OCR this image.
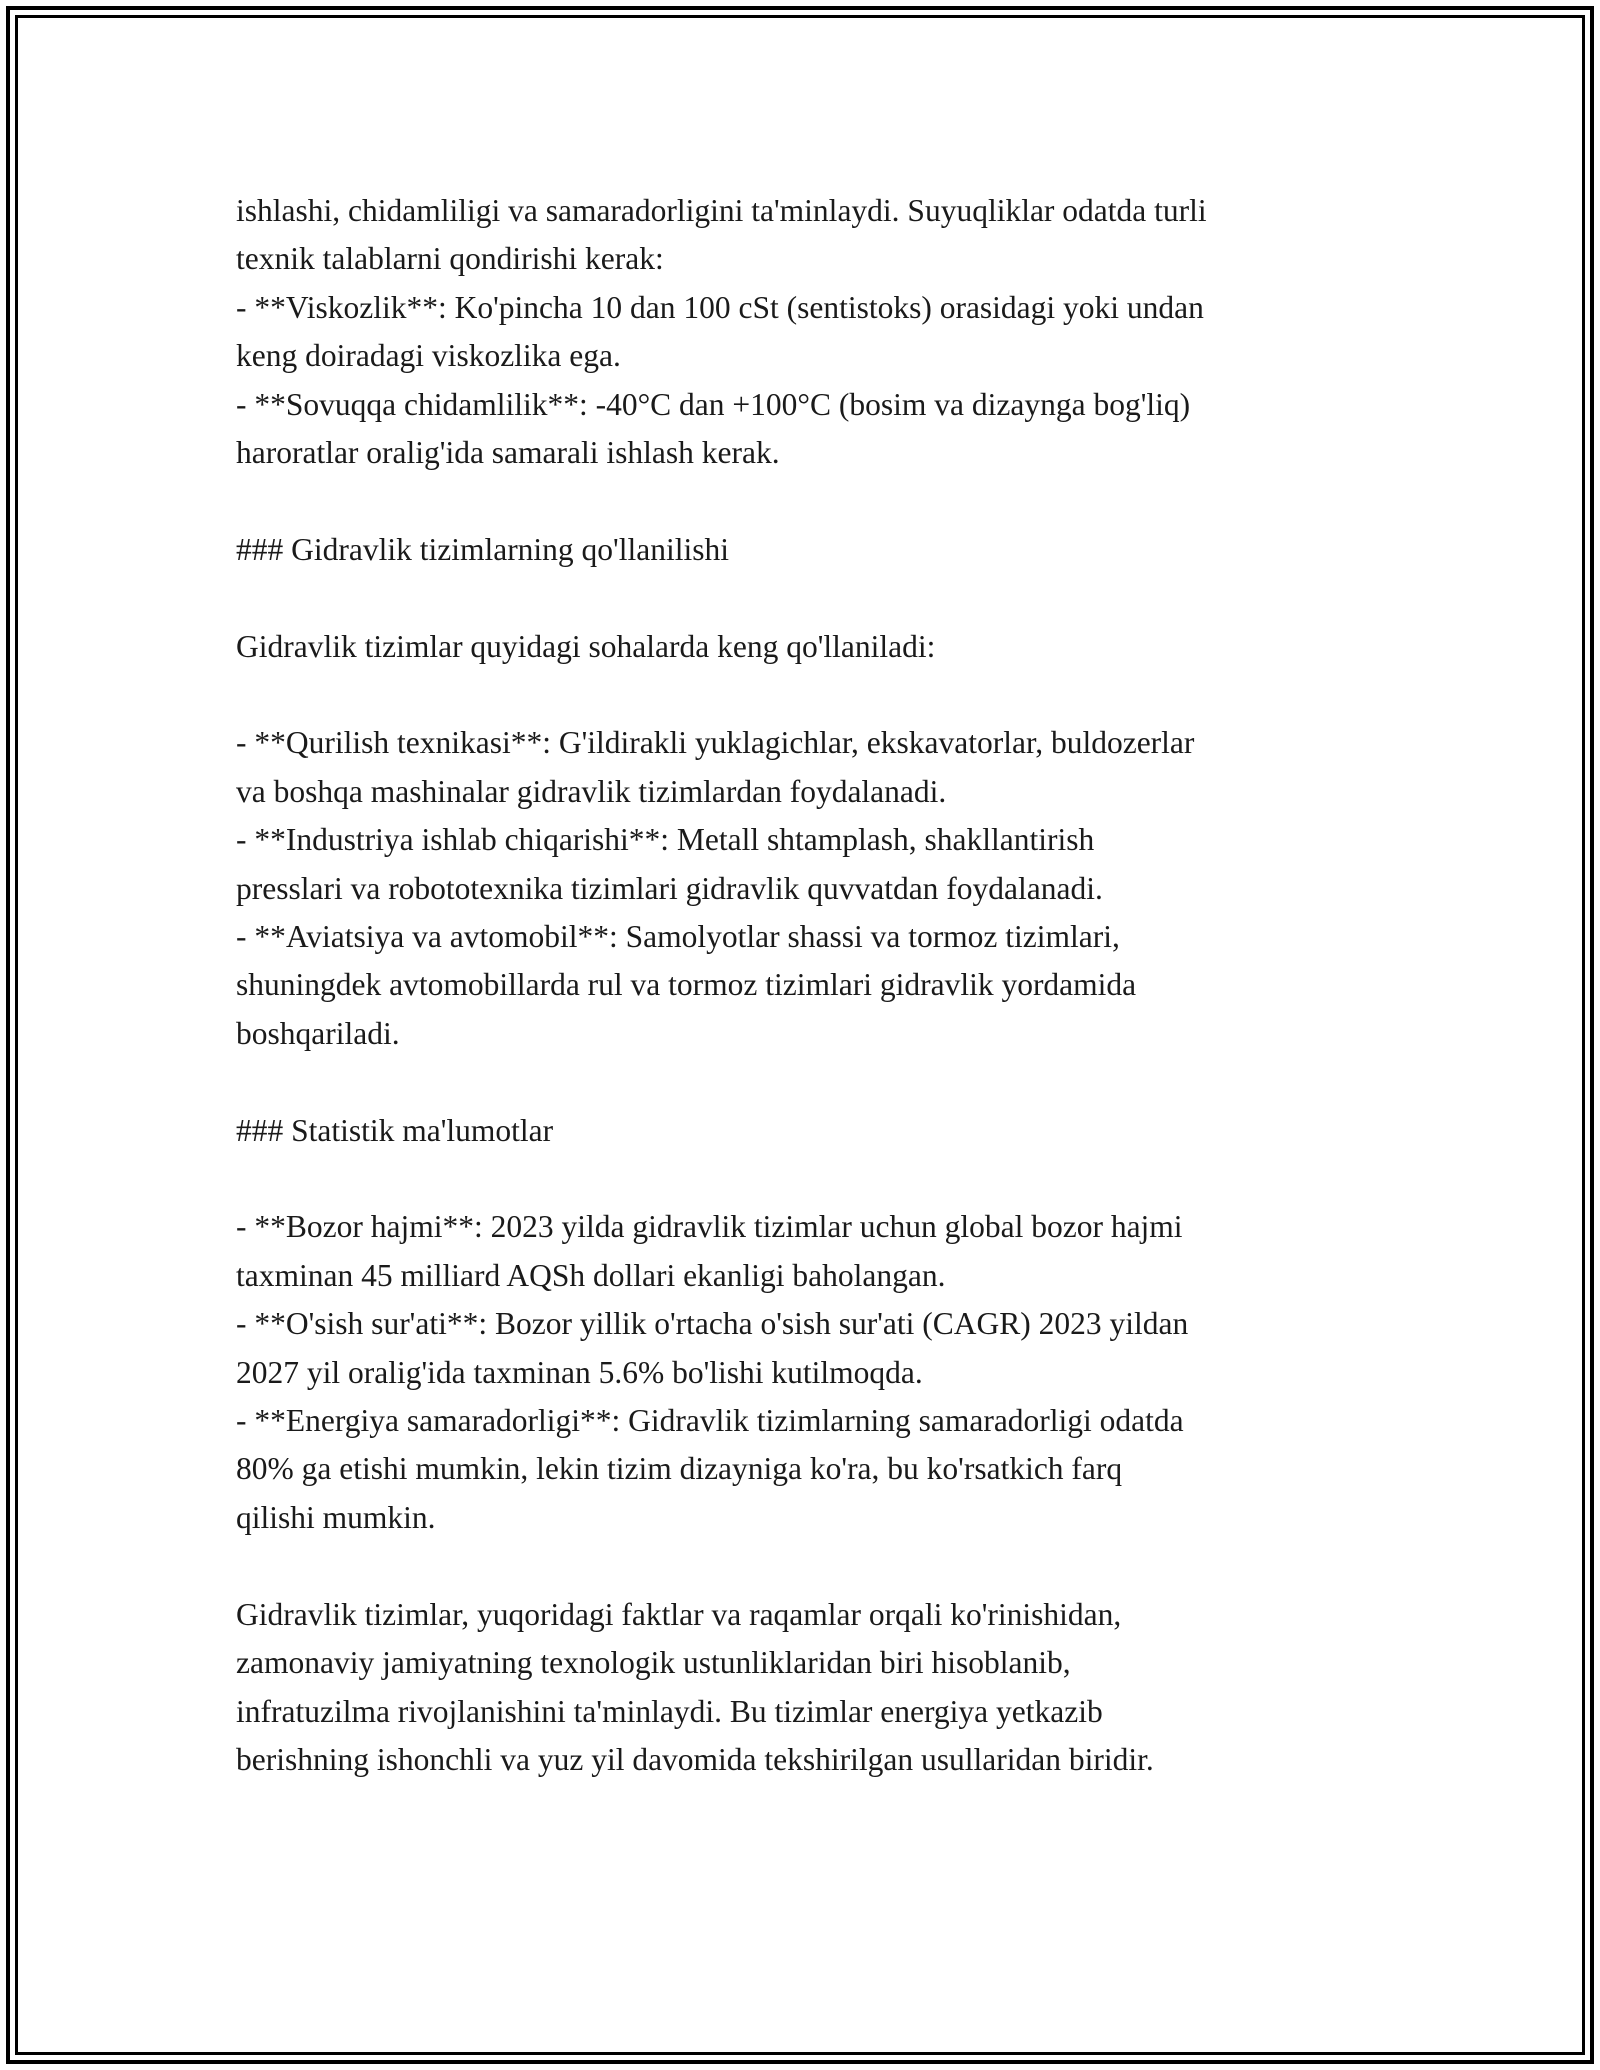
ishlashi, chidamliligi va samaradorligini ta'minlaydi. Suyuqliklar odatda turli

texnik talablarni qondirishi kerak:

- **Viskozlik**: Ko'pincha 10 dan 100 cSt (sentistoks) orasidagi yoki undan

keng doiradagi viskozlika ega.

- **Sovuqqa chidamlilik**: -40°C dan +100°C (bosim va dizaynga bog'liq)

haroratlar oralig'ida samarali ishlash kerak.

### Gidravlik tizimlarning qo'llanilishi

Gidravlik tizimlar quyidagi sohalarda keng qo'llaniladi:

- **Qurilish texnikasi**: G'ildirakli yuklagichlar, ekskavatorlar, buldozerlar

va boshqa mashinalar gidravlik tizimlardan foydalanadi.

- **Industriya ishlab chiqarishi**: Metall shtamplash, shakllantirish

presslari va robototexnika tizimlari gidravlik quvvatdan foydalanadi.

- **Aviatsiya va avtomobil**: Samolyotlar shassi va tormoz tizimlari,

shuningdek avtomobillarda rul va tormoz tizimlari gidravlik yordamida

boshqariladi.

### Statistik ma'lumotlar

- **Bozor hajmi**: 2023 yilda gidravlik tizimlar uchun global bozor hajmi

taxminan 45 milliard AQSh dollari ekanligi baholangan.

- **O'sish sur'ati**: Bozor yillik o'rtacha o'sish sur'ati (CAGR) 2023 yildan

2027 yil oralig'ida taxminan 5.6% bo'lishi kutilmoqda.

- **Energiya samaradorligi**: Gidravlik tizimlarning samaradorligi odatda

80% ga etishi mumkin, lekin tizim dizayniga ko'ra, bu ko'rsatkich farq

qilishi mumkin.

Gidravlik tizimlar, yuqoridagi faktlar va raqamlar orqali ko'rinishidan,

zamonaviy jamiyatning texnologik ustunliklaridan biri hisoblanib,

infratuzilma rivojlanishini ta'minlaydi. Bu tizimlar energiya yetkazib

berishning ishonchli va yuz yil davomida tekshirilgan usullaridan biridir.
